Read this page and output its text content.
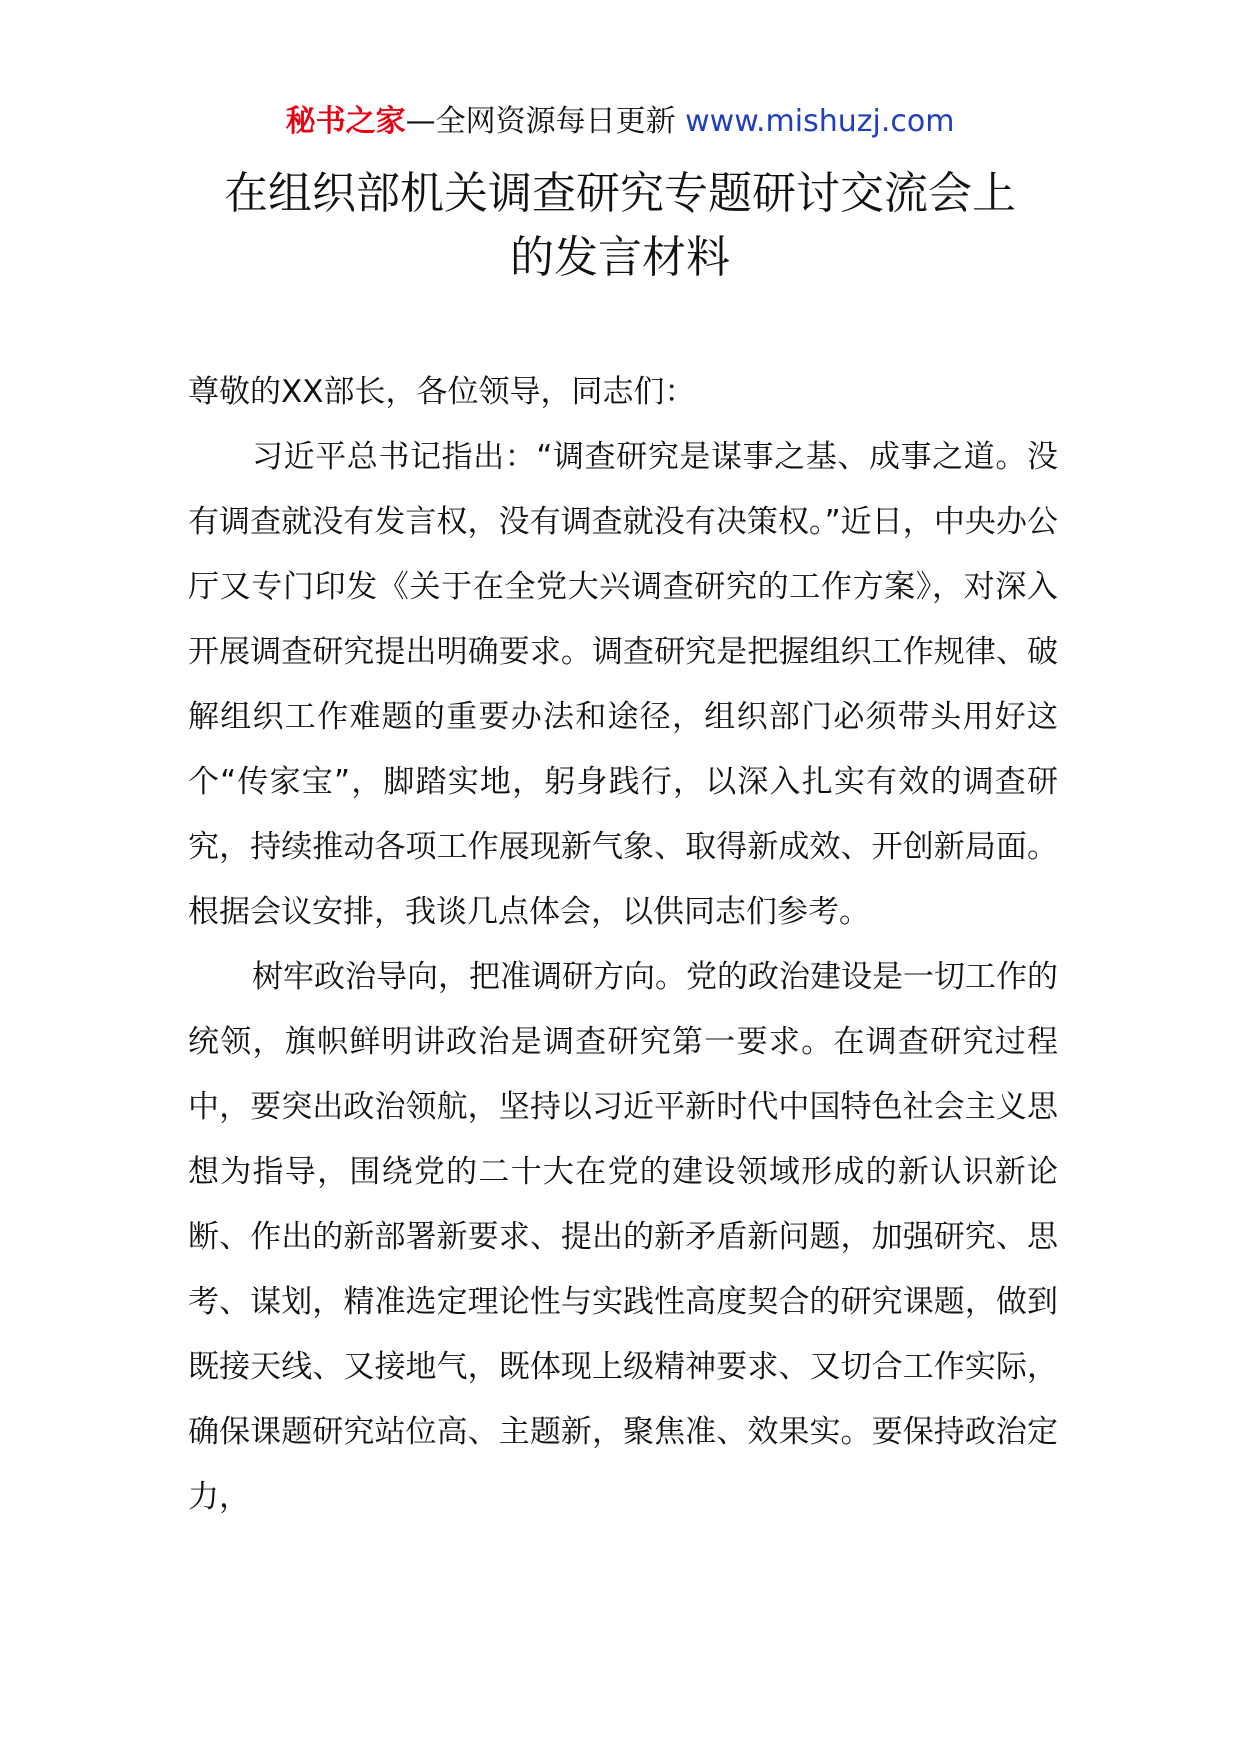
秘书之家—全网资源每日更新 www.mishuzj.com
在组织部机关调查研究专题研讨交流会上
的发言材料

尊敬的XX部长，各位领导，同志们：

习近平总书记指出：“调查研究是谋事之基、成事之道。没有调查就没有发言权，没有调查就没有决策权。”近日，中央办公厅又专门印发《关于在全党大兴调查研究的工作方案》，对深入开展调查研究提出明确要求。调查研究是把握组织工作规律、破解组织工作难题的重要办法和途径，组织部门必须带头用好这个“传家宝”，脚踏实地，躬身践行，以深入扎实有效的调查研究，持续推动各项工作展现新气象、取得新成效、开创新局面。根据会议安排，我谈几点体会，以供同志们参考。

树牢政治导向，把准调研方向。党的政治建设是一切工作的统领，旗帜鲜明讲政治是调查研究第一要求。在调查研究过程中，要突出政治领航，坚持以习近平新时代中国特色社会主义思想为指导，围绕党的二十大在党的建设领域形成的新认识新论断、作出的新部署新要求、提出的新矛盾新问题，加强研究、思考、谋划，精准选定理论性与实践性高度契合的研究课题，做到既接天线、又接地气，既体现上级精神要求、又切合工作实际，确保课题研究站位高、主题新，聚焦准、效果实。要保持政治定力，
